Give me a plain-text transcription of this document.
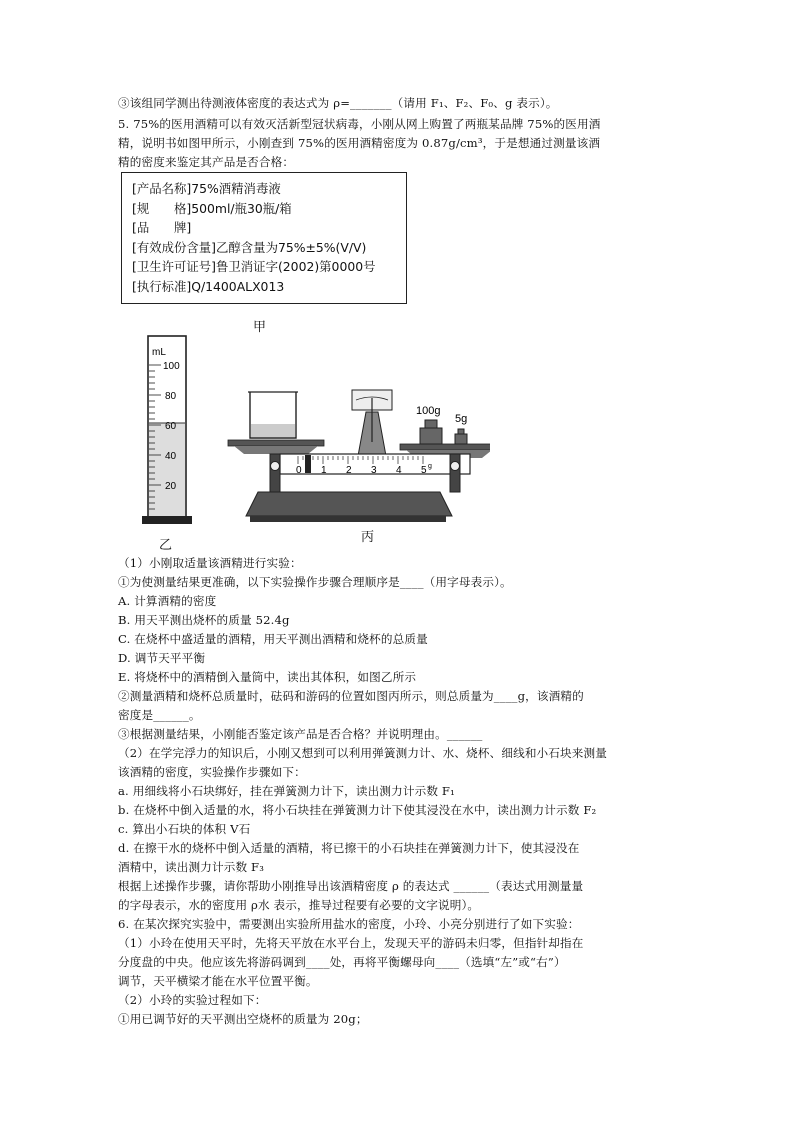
③该组同学测出待测液体密度的表达式为 ρ=_______（请用 F₁、F₂、F₀、g 表示）。
5. 75%的医用酒精可以有效灭活新型冠状病毒，小刚从网上购置了两瓶某品牌 75%的医用酒
精，说明书如图甲所示，小刚查到 75%的医用酒精密度为 0.87g/cm³，于是想通过测量该酒
精的密度来鉴定其产品是否合格：
[产品名称]75%酒精消毒液
[规　　格]500ml/瓶30瓶/箱
[品　　牌]
[有效成份含量]乙醇含量为75%±5%(V/V)
[卫生许可证号]鲁卫消证字(2002)第0000号
[执行标准]Q/1400ALX013
甲
mL
100
80
60
40
20
100g
5g
0 1 2 3 4 5 g
乙
丙
（1）小刚取适量该酒精进行实验：
①为使测量结果更准确，以下实验操作步骤合理顺序是____（用字母表示）。
A. 计算酒精的密度
B. 用天平测出烧杯的质量 52.4g
C. 在烧杯中盛适量的酒精，用天平测出酒精和烧杯的总质量
D. 调节天平平衡
E. 将烧杯中的酒精倒入量筒中，读出其体积，如图乙所示
②测量酒精和烧杯总质量时，砝码和游码的位置如图丙所示，则总质量为____g，该酒精的
密度是______。
③根据测量结果，小刚能否鉴定该产品是否合格？并说明理由。______
（2）在学完浮力的知识后，小刚又想到可以利用弹簧测力计、水、烧杯、细线和小石块来测量
该酒精的密度，实验操作步骤如下：
a. 用细线将小石块绑好，挂在弹簧测力计下，读出测力计示数 F₁
b. 在烧杯中倒入适量的水，将小石块挂在弹簧测力计下使其浸没在水中，读出测力计示数 F₂
c. 算出小石块的体积 V石
d. 在擦干水的烧杯中倒入适量的酒精，将已擦干的小石块挂在弹簧测力计下，使其浸没在
酒精中，读出测力计示数 F₃
根据上述操作步骤，请你帮助小刚推导出该酒精密度 ρ 的表达式 ______（表达式用测量量
的字母表示，水的密度用 ρ水 表示，推导过程要有必要的文字说明）。
6. 在某次探究实验中，需要测出实验所用盐水的密度，小玲、小亮分别进行了如下实验：
（1）小玲在使用天平时，先将天平放在水平台上，发现天平的游码未归零，但指针却指在
分度盘的中央。他应该先将游码调到____处，再将平衡螺母向____（选填“左”或“右”）
调节，天平横梁才能在水平位置平衡。
（2）小玲的实验过程如下：
①用已调节好的天平测出空烧杯的质量为 20g；
